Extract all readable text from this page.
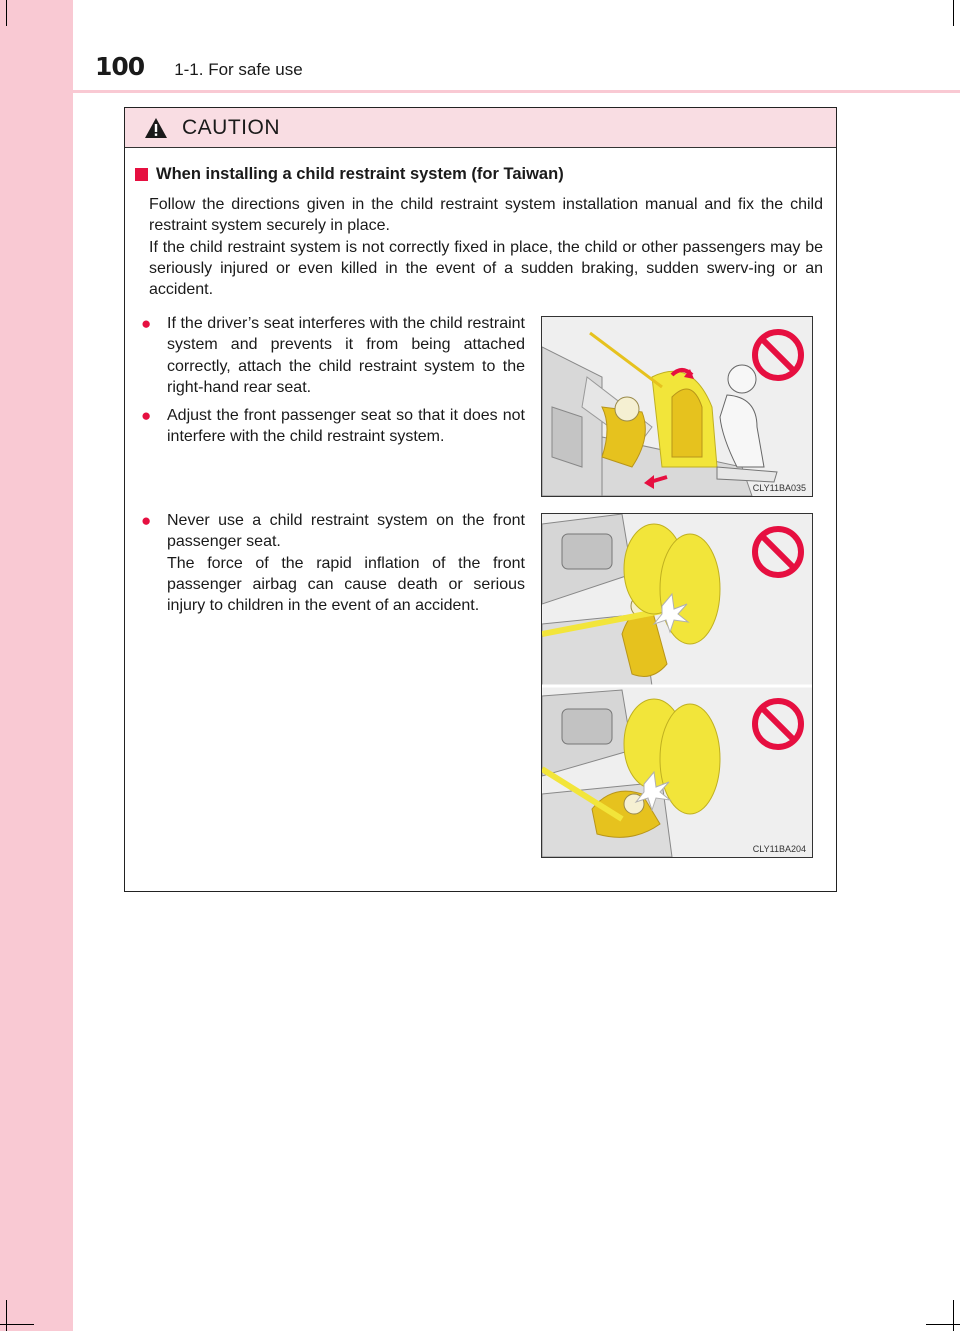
100 1-1. For safe use
CAUTION
When installing a child restraint system (for Taiwan)

Follow the directions given in the child restraint system installation manual and fix the child restraint system securely in place.

If the child restraint system is not correctly fixed in place, the child or other passengers may be seriously injured or even killed in the event of a sudden braking, sudden swerv-ing or an accident.

● If the driver’s seat interferes with the child restraint system and prevents it from being attached correctly, attach the child restraint system to the right-hand rear seat.

● Adjust the front passenger seat so that it does not interfere with the child restraint system.

● Never use a child restraint system on the front passenger seat.

The force of the rapid inflation of the front passenger airbag can cause death or serious injury to children in the event of an accident.

CLY11BA035
CLY11BA204
